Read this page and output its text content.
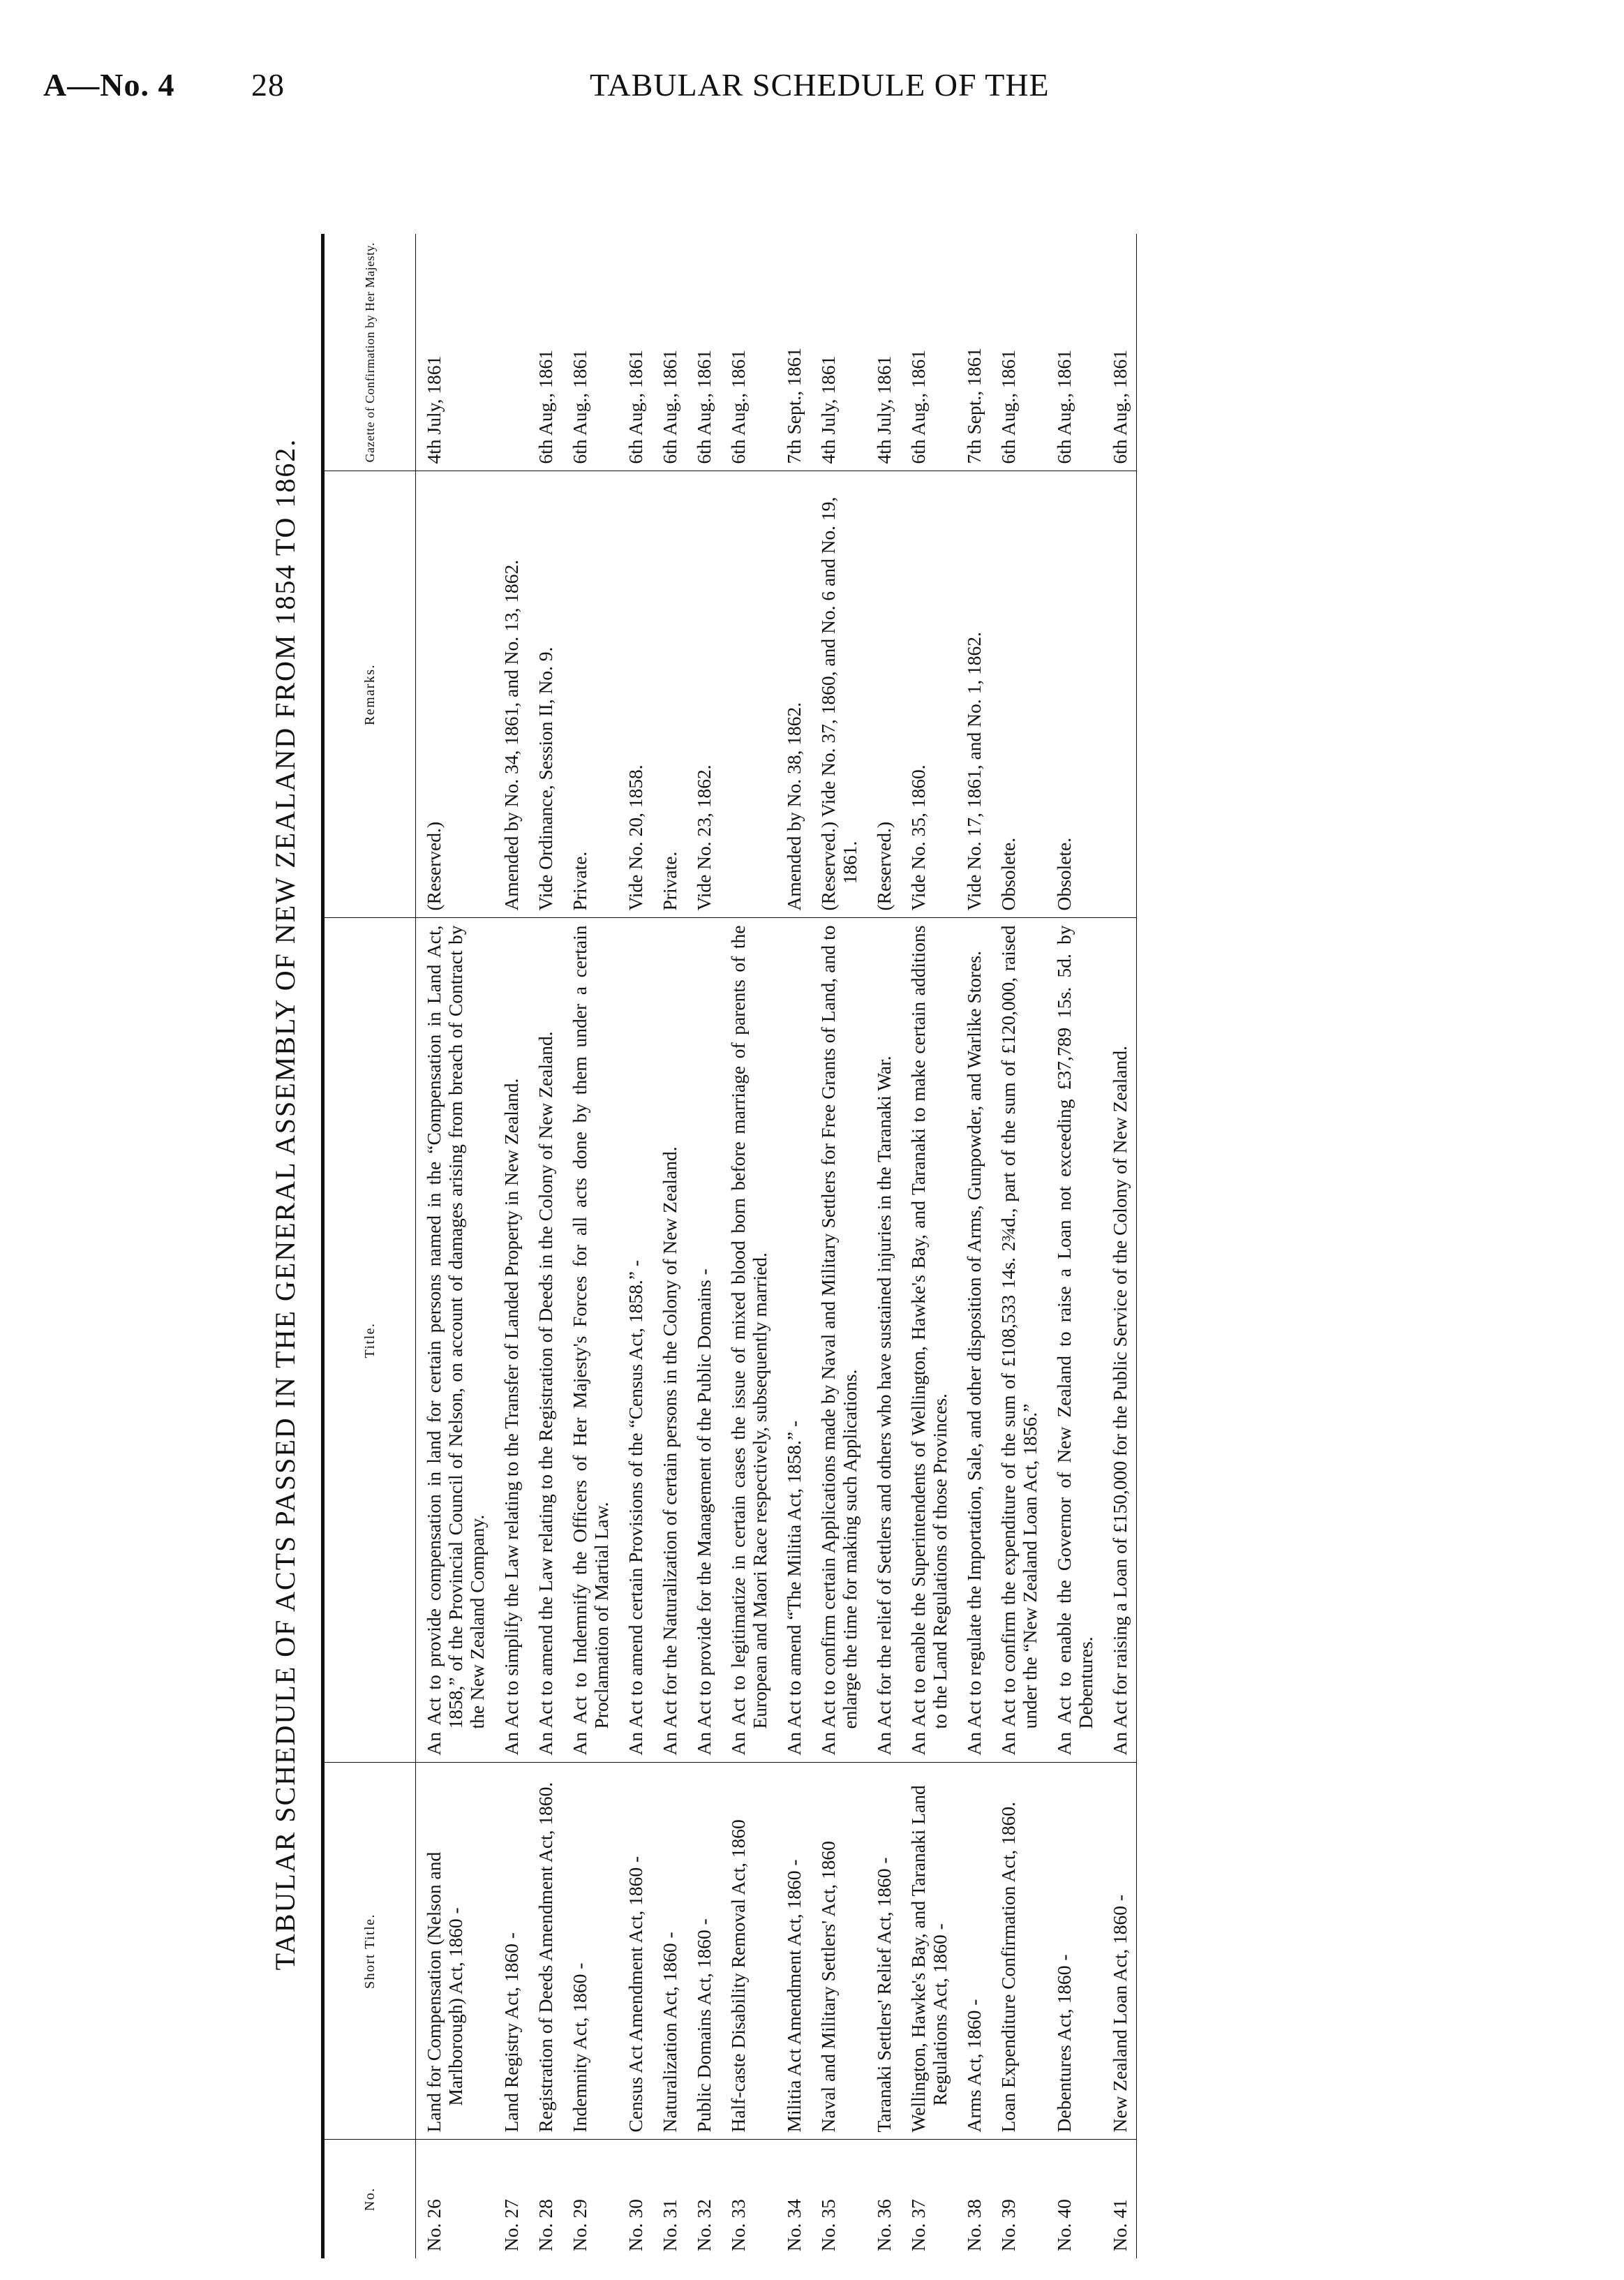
A—No. 4 28	TABULAR SCHEDULE OF THE
TABULAR SCHEDULE OF ACTS PASSED IN THE GENERAL ASSEMBLY OF NEW ZEALAND FROM 1854 TO 1862.
No.	Short Title.	Title.	Remarks.	Gazette of Confirmation by Her Majesty.
No. 26	Land for Compensation (Nelson and Marlborough) Act, 1860 -	An Act to provide compensation in land for certain persons named in the “Compensation in Land Act, 1858,” of the Provincial Council of Nelson, on account of damages arising from breach of Contract by the New Zealand Company.	(Reserved.)	4th July, 1861

No. 27	Land Registry Act, 1860 -	An Act to simplify the Law relating to the Transfer of Landed Property in New Zealand.	Amended by No. 34, 1861, and No. 13, 1862.	

No. 28	Registration of Deeds Amendment Act, 1860.	An Act to amend the Law relating to the Registration of Deeds in the Colony of New Zealand.	Vide Ordinance, Session II, No. 9.	6th Aug., 1861

No. 29	Indemnity Act, 1860 -	An Act to Indemnify the Officers of Her Majesty's Forces for all acts done by them under a certain Proclamation of Martial Law.	Private.	6th Aug., 1861

No. 30	Census Act Amendment Act, 1860 -	An Act to amend certain Provisions of the “Census Act, 1858.” -	Vide No. 20, 1858.	6th Aug., 1861

No. 31	Naturalization Act, 1860 -	An Act for the Naturalization of certain persons in the Colony of New Zealand.	Private.	6th Aug., 1861

No. 32	Public Domains Act, 1860 -	An Act to provide for the Management of the Public Domains -	Vide No. 23, 1862.	6th Aug., 1861

No. 33	Half-caste Disability Removal Act, 1860	An Act to legitimatize in certain cases the issue of mixed blood born before marriage of parents of the European and Maori Race respectively, subsequently married.		6th Aug., 1861

No. 34	Militia Act Amendment Act, 1860 -	An Act to amend “The Militia Act, 1858.” -	Amended by No. 38, 1862.	7th Sept., 1861

No. 35	Naval and Military Settlers' Act, 1860	An Act to confirm certain Applications made by Naval and Military Settlers for Free Grants of Land, and to enlarge the time for making such Applications.	(Reserved.) Vide No. 37, 1860, and No. 6 and No. 19, 1861.	4th July, 1861

No. 36	Taranaki Settlers' Relief Act, 1860 -	An Act for the relief of Settlers and others who have sustained injuries in the Taranaki War.	(Reserved.)	4th July, 1861

No. 37	Wellington, Hawke's Bay, and Taranaki Land Regulations Act, 1860 -	An Act to enable the Superintendents of Wellington, Hawke's Bay, and Taranaki to make certain additions to the Land Regulations of those Provinces.	Vide No. 35, 1860.	6th Aug., 1861

No. 38	Arms Act, 1860 -	An Act to regulate the Importation, Sale, and other disposition of Arms, Gunpowder, and Warlike Stores.	Vide No. 17, 1861, and No. 1, 1862.	7th Sept., 1861

No. 39	Loan Expenditure Confirmation Act, 1860.	An Act to confirm the expenditure of the sum of £108,533 14s. 2¾d., part of the sum of £120,000, raised under the “New Zealand Loan Act, 1856.”	Obsolete.	6th Aug., 1861

No. 40	Debentures Act, 1860 -	An Act to enable the Governor of New Zealand to raise a Loan not exceeding £37,789 15s. 5d. by Debentures.	Obsolete.	6th Aug., 1861

No. 41	New Zealand Loan Act, 1860 -	An Act for raising a Loan of £150,000 for the Public Service of the Colony of New Zealand.		6th Aug., 1861
